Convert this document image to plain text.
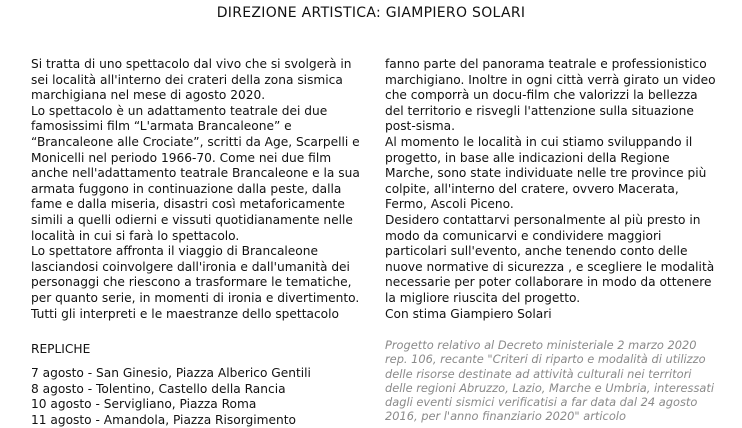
DIREZIONE ARTISTICA: GIAMPIERO SOLARI

Si tratta di uno spettacolo dal vivo che si svolgerà in sei località all'interno dei crateri della zona sismica marchigiana nel mese di agosto 2020.

Lo spettacolo è un adattamento teatrale dei due famosissimi film “L'armata Brancaleone” e “Brancaleone alle Crociate”, scritti da Age, Scarpelli e Monicelli nel periodo 1966-70. Come nei due film anche nell'adattamento teatrale Brancaleone e la sua armata fuggono in continuazione dalla peste, dalla fame e dalla miseria, disastri così metaforicamente simili a quelli odierni e vissuti quotidianamente nelle località in cui si farà lo spettacolo.

Lo spettatore affronta il viaggio di Brancaleone lasciandosi coinvolgere dall'ironia e dall'umanità dei personaggi che riescono a trasformare le tematiche, per quanto serie, in momenti di ironia e divertimento.

Tutti gli interpreti e le maestranze dello spettacolo

fanno parte del panorama teatrale e professionistico marchigiano. Inoltre in ogni città verrà girato un video che comporrà un docu-film che valorizzi la bellezza del territorio e risvegli l'attenzione sulla situazione post-sisma.

Al momento le località in cui stiamo sviluppando il progetto, in base alle indicazioni della Regione Marche, sono state individuate nelle tre province più colpite, all'interno del cratere, ovvero Macerata, Fermo, Ascoli Piceno.

Desidero contattarvi personalmente al più presto in modo da comunicarvi e condividere maggiori particolari sull'evento, anche tenendo conto delle nuove normative di sicurezza , e scegliere le modalità necessarie per poter collaborare in modo da ottenere la migliore riuscita del progetto.

Con stima Giampiero Solari

REPLICHE
7 agosto - San Ginesio, Piazza Alberico Gentili
8 agosto - Tolentino, Castello della Rancia
10 agosto - Servigliano, Piazza Roma
11 agosto - Amandola, Piazza Risorgimento
Progetto relativo al Decreto ministeriale 2 marzo 2020 rep. 106, recante "Criteri di riparto e modalità di utilizzo delle risorse destinate ad attività culturali nei territori delle regioni Abruzzo, Lazio, Marche e Umbria, interessati dagli eventi sismici verificatisi a far data dal 24 agosto 2016, per l'anno finanziario 2020" articolo
